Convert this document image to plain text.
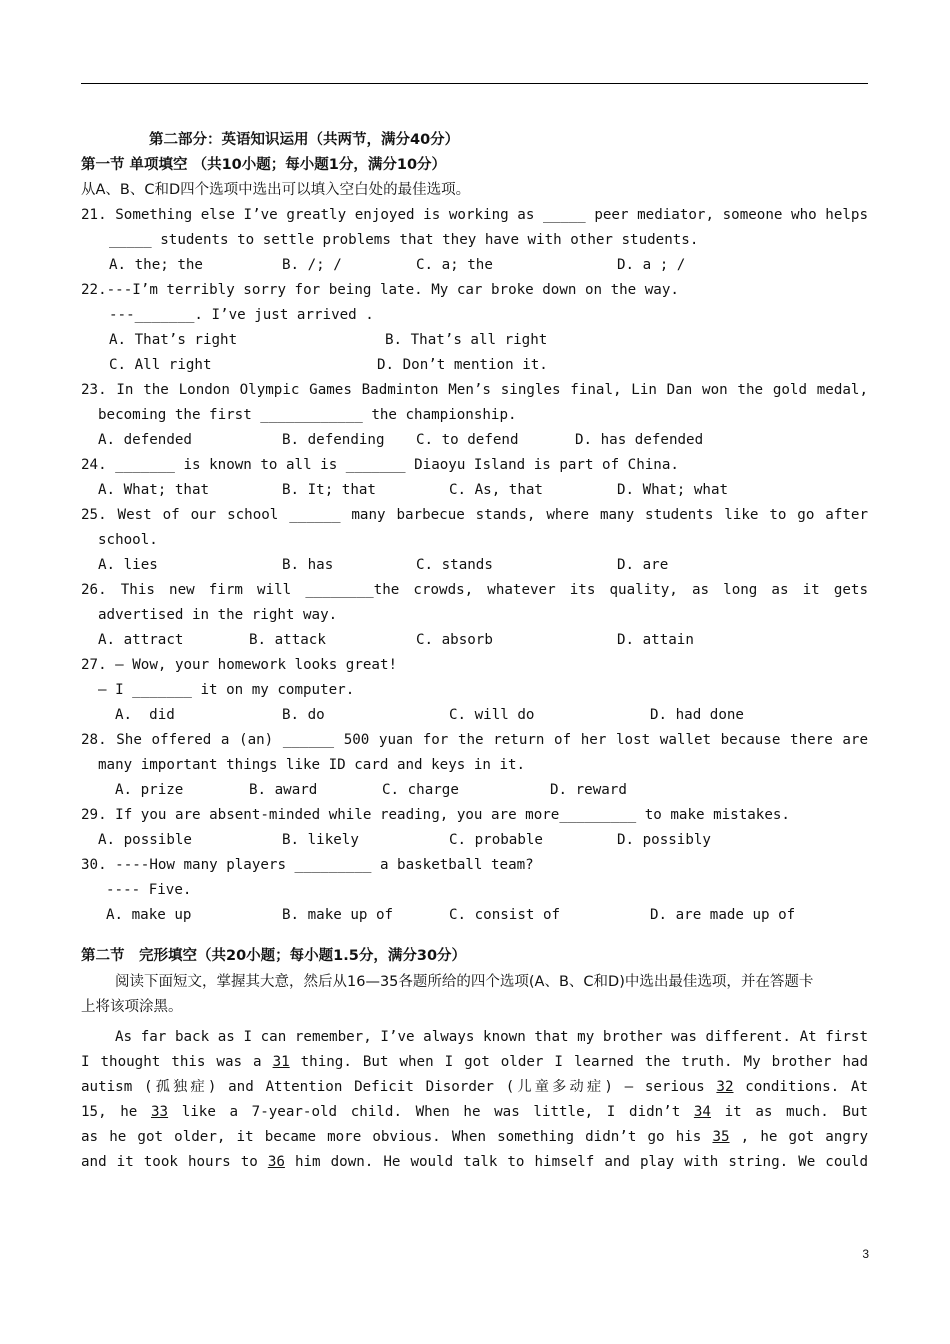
第二部分：英语知识运用（共两节，满分40分）
第一节 单项填空 （共10小题；每小题1分，满分10分）
从A、B、C和D四个选项中选出可以填入空白处的最佳选项。
21. Something else I’ve greatly enjoyed is working as _____ peer mediator, someone who helps
_____ students to settle problems that they have with other students.
A. the; the	B. /; /	C. a; the	D. a ; /
22.---I’m terribly sorry for being late. My car broke down on the way.
---_______. I’ve just arrived .
A. That’s right	B. That’s all right
C. All right	D. Don’t mention it.
23. In the London Olympic Games Badminton Men’s singles final, Lin Dan won the gold medal,
becoming the first ____________ the championship.
A. defended	B. defending C. to defend	D. has defended
24. _______ is known to all is _______ Diaoyu Island is part of China.
A. What; that	B. It; that	C. As, that	D. What; what
25. West of our school ______ many barbecue stands, where many students like to go after
school.
A. lies	B. has	C. stands	D. are
26. This new firm will ________the crowds, whatever its quality, as long as it gets
advertised in the right way.
A. attract	B. attack	C. absorb	D. attain
27. — Wow, your homework looks great!
— I _______ it on my computer.
A.  did	B. do	C. will do	D. had done
28. She offered a (an) ______ 500 yuan for the return of her lost wallet because there are
many important things like ID card and keys in it.
A. prize	B. award	C. charge	D. reward
29. If you are absent-minded while reading, you are more_________ to make mistakes.
A. possible	B. likely	C. probable	D. possibly
30. ----How many players _________ a basketball team?
---- Five.
A. make up	B. make up of	C. consist of	D. are made up of
第二节　完形填空（共20小题；每小题1.5分，满分30分）
阅读下面短文，掌握其大意，然后从16—35各题所给的四个选项(A、B、C和D)中选出最佳选项，并在答题卡
上将该项涂黑。
As far back as I can remember, I’ve always known that my brother was different. At first
I thought this was a 31 thing. But when I got older I learned the truth. My brother had
autism (孤独症) and Attention Deficit Disorder (儿童多动症) — serious 32 conditions. At
15, he 33 like a 7-year-old child. When he was little, I didn’t 34 it as much. But
as he got older, it became more obvious. When something didn’t go his 35 , he got angry
and it took hours to 36 him down. He would talk to himself and play with string. We could
3
